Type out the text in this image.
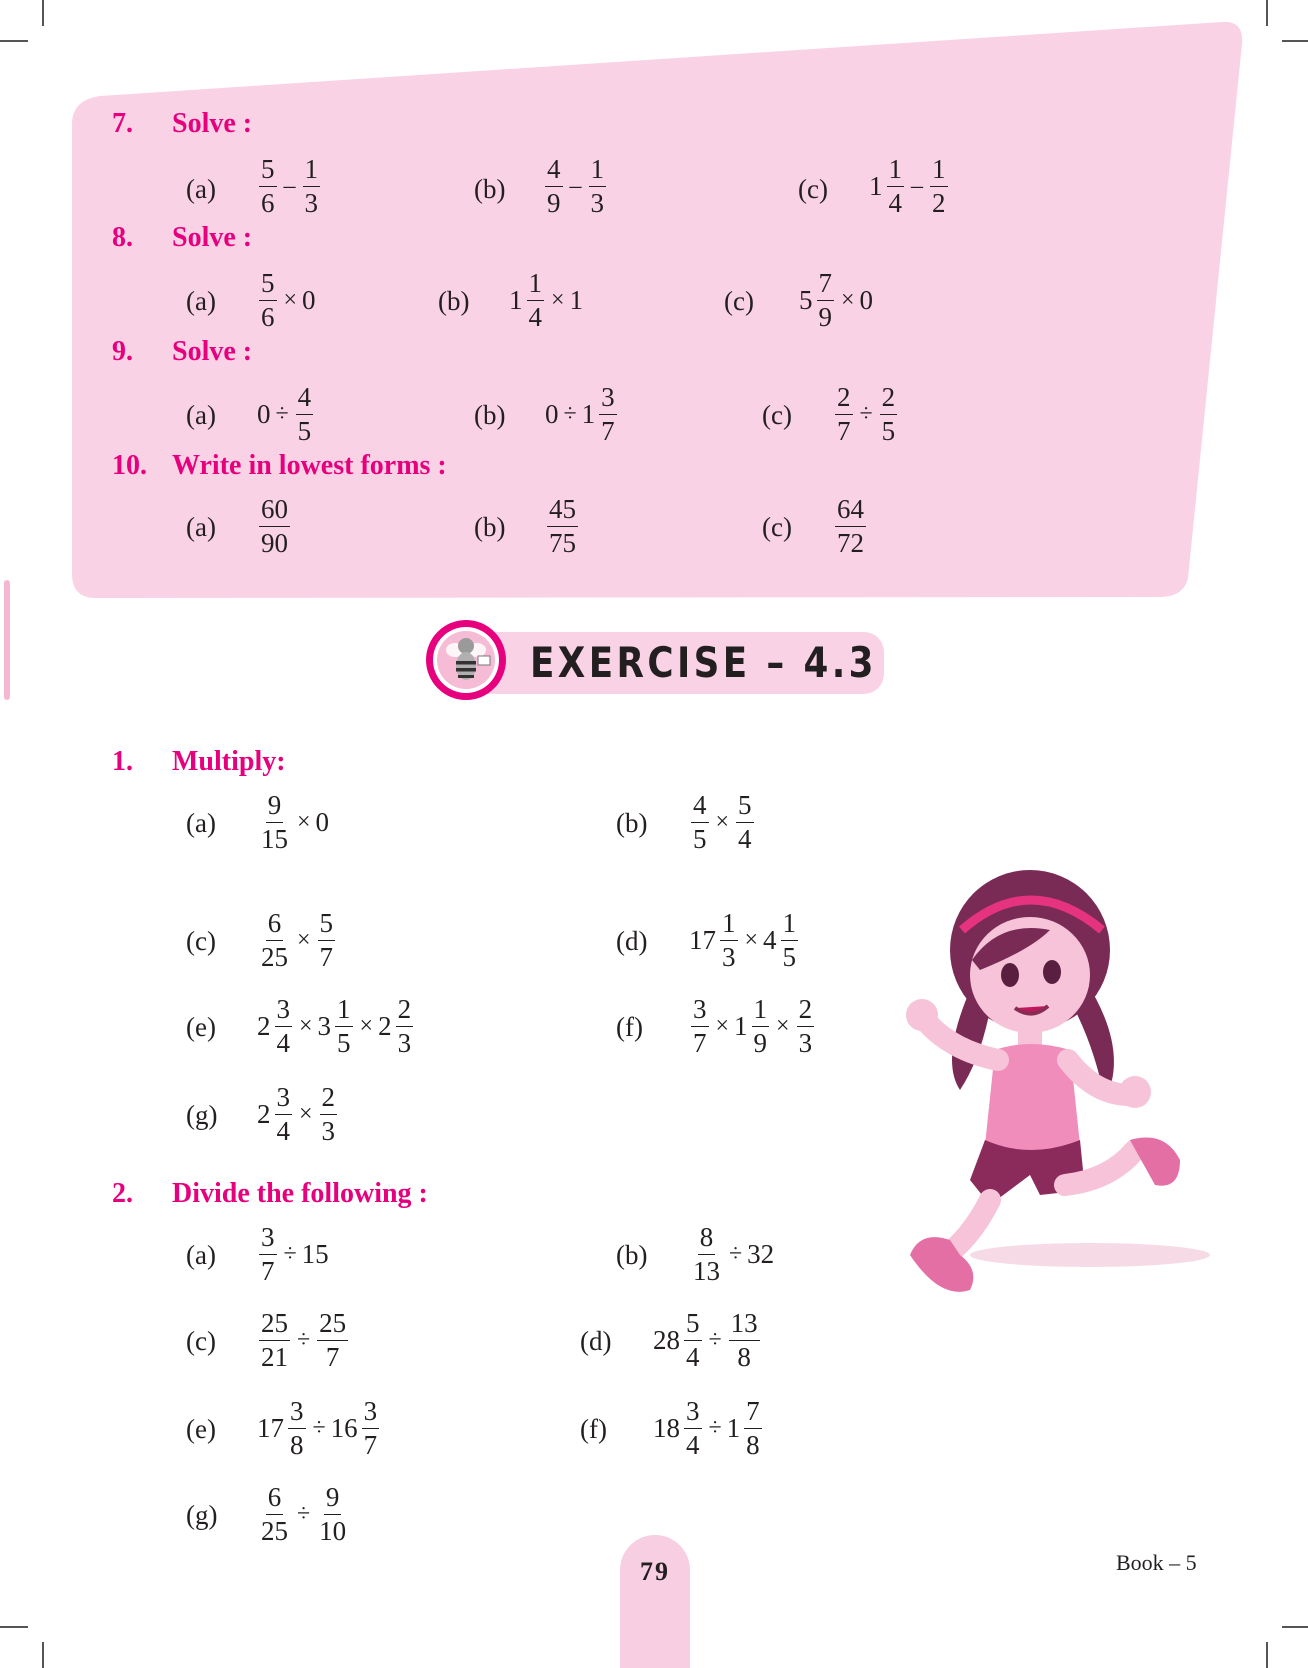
7. Solve :
$(a) \frac{5}{6} - \frac{1}{3}$	$(b) \frac{4}{9} - \frac{1}{3}$	(c) $1 \frac{1}{4} - \frac{1}{2}$
8. Solve :
$(a) \frac{5}{6} \times 0$	(b) $1 \frac{1}{4} \times 1$	(c) $5 \frac{7}{9} \times 0$
9. Solve :
(a) $0 \div \frac{4}{5}$	(b) $0 \div 1 \frac{3}{7}$	$(c) \frac{2}{7} \div \frac{2}{5}$
10. Write in lowest forms :
$(a) \frac{60}{90}$	$(b) \frac{45}{75}$	$(c) \frac{64}{72}$
EXERCISE – 4.3
1. Multiply:
$(a) \frac{9}{15} \times 0$	$(b) \frac{4}{5} \times \frac{5}{4}$
$(c) \frac{6}{25} \times \frac{5}{7}$	(d) $17 \frac{1}{3} \times 4 \frac{1}{5}$
(e) $2 \frac{3}{4} \times 3 \frac{1}{5} \times 2 \frac{2}{3}$	$(f) \frac{3}{7} \times 1 \frac{1}{9} \times \frac{2}{3}$
(g) $2 \frac{3}{4} \times \frac{2}{3}$
2. Divide the following :
$(a) \frac{3}{7} \div 15$	$(b) \frac{8}{13} \div 32$
$(c) \frac{25}{21} \div \frac{25}{7}$	(d) $28 \frac{5}{4} \div \frac{13}{8}$
(e) $17 \frac{3}{8} \div 16 \frac{3}{7}$	(f) $18 \frac{3}{4} \div 1 \frac{7}{8}$
$(g) \frac{6}{25} \div \frac{9}{10}$
79	Book – 5
